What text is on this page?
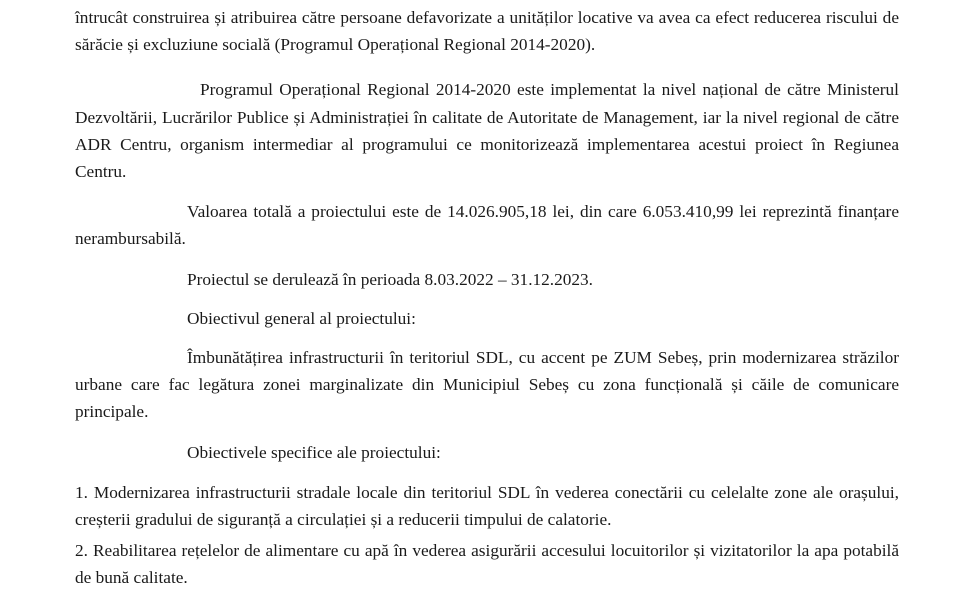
întrucât construirea și atribuirea către persoane defavorizate a unităților locative va avea ca efect reducerea riscului de sărăcie și excluziune socială (Programul Operațional Regional 2014-2020).

Programul Operațional Regional 2014-2020 este implementat la nivel național de către Ministerul Dezvoltării, Lucrărilor Publice și Administrației în calitate de Autoritate de Management, iar la nivel regional de către ADR Centru, organism intermediar al programului ce monitorizează implementarea acestui proiect în Regiunea Centru.

Valoarea totală a proiectului este de 14.026.905,18 lei, din care 6.053.410,99 lei reprezintă finanțare nerambursabilă.

Proiectul se derulează în perioada 8.03.2022 – 31.12.2023.

Obiectivul general al proiectului:

Îmbunătățirea infrastructurii în teritoriul SDL, cu accent pe ZUM Sebeș, prin modernizarea străzilor urbane care fac legătura zonei marginalizate din Municipiul Sebeș cu zona funcțională și căile de comunicare principale.

Obiectivele specifice ale proiectului:

1. Modernizarea infrastructurii stradale locale din teritoriul SDL în vederea conectării cu celelalte zone ale orașului, creșterii gradului de siguranță a circulației și a reducerii timpului de calatorie.

2. Reabilitarea rețelelor de alimentare cu apă în vederea asigurării accesului locuitorilor și vizitatorilor la apa potabilă de bună calitate.
